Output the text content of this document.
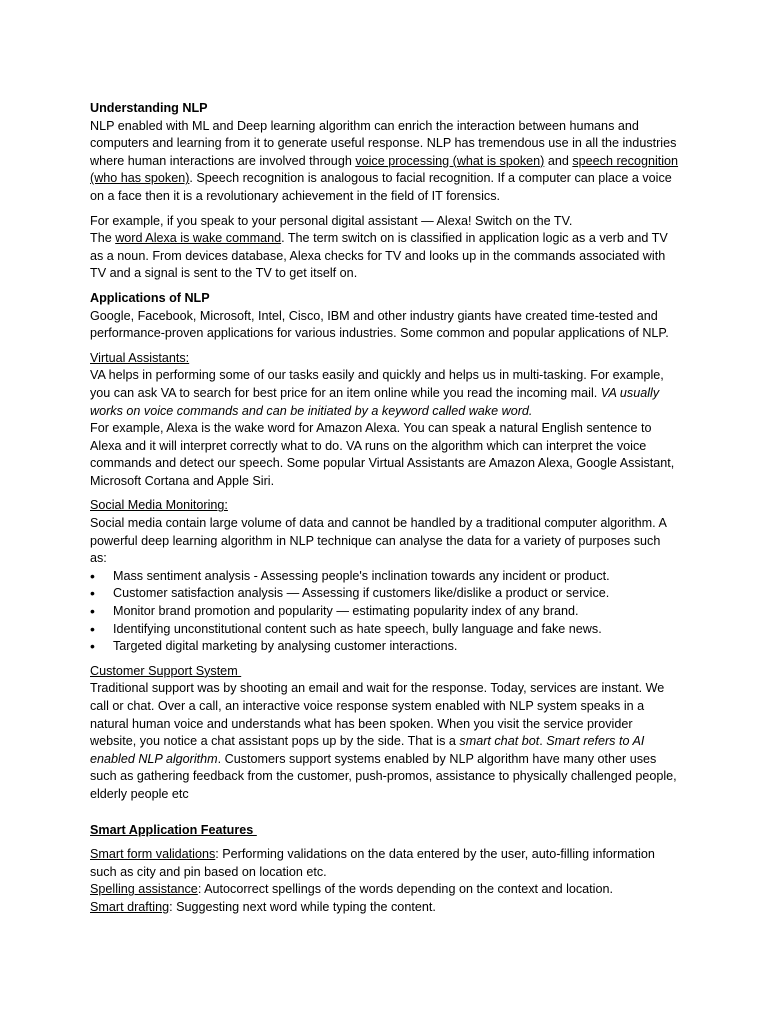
Understanding NLP

NLP enabled with ML and Deep learning algorithm can enrich the interaction between humans and computers and learning from it to generate useful response. NLP has tremendous use in all the industries where human interactions are involved through voice processing (what is spoken) and speech recognition (who has spoken). Speech recognition is analogous to facial recognition. If a computer can place a voice on a face then it is a revolutionary achievement in the field of IT forensics.

For example, if you speak to your personal digital assistant — Alexa! Switch on the TV.
The word Alexa is wake command. The term switch on is classified in application logic as a verb and TV as a noun. From devices database, Alexa checks for TV and looks up in the commands associated with TV and a signal is sent to the TV to get itself on.

Applications of NLP

Google, Facebook, Microsoft, Intel, Cisco, IBM and other industry giants have created time-tested and performance-proven applications for various industries. Some common and popular applications of NLP.

Virtual Assistants:

VA helps in performing some of our tasks easily and quickly and helps us in multi-tasking. For example, you can ask VA to search for best price for an item online while you read the incoming mail. VA usually works on voice commands and can be initiated by a keyword called wake word.
For example, Alexa is the wake word for Amazon Alexa. You can speak a natural English sentence to Alexa and it will interpret correctly what to do. VA runs on the algorithm which can interpret the voice commands and detect our speech. Some popular Virtual Assistants are Amazon Alexa, Google Assistant, Microsoft Cortana and Apple Siri.

Social Media Monitoring:

Social media contain large volume of data and cannot be handled by a traditional computer algorithm. A powerful deep learning algorithm in NLP technique can analyse the data for a variety of purposes such as:

• Mass sentiment analysis - Assessing people's inclination towards any incident or product.
• Customer satisfaction analysis — Assessing if customers like/dislike a product or service.
• Monitor brand promotion and popularity — estimating popularity index of any brand.
• Identifying unconstitutional content such as hate speech, bully language and fake news.
• Targeted digital marketing by analysing customer interactions.

Customer Support System

Traditional support was by shooting an email and wait for the response. Today, services are instant. We call or chat. Over a call, an interactive voice response system enabled with NLP system speaks in a natural human voice and understands what has been spoken. When you visit the service provider website, you notice a chat assistant pops up by the side. That is a smart chat bot. Smart refers to AI enabled NLP algorithm. Customers support systems enabled by NLP algorithm have many other uses such as gathering feedback from the customer, push-promos, assistance to physically challenged people, elderly people etc

Smart Application Features

Smart form validations: Performing validations on the data entered by the user, auto-filling information such as city and pin based on location etc.

Spelling assistance: Autocorrect spellings of the words depending on the context and location.

Smart drafting: Suggesting next word while typing the content.
